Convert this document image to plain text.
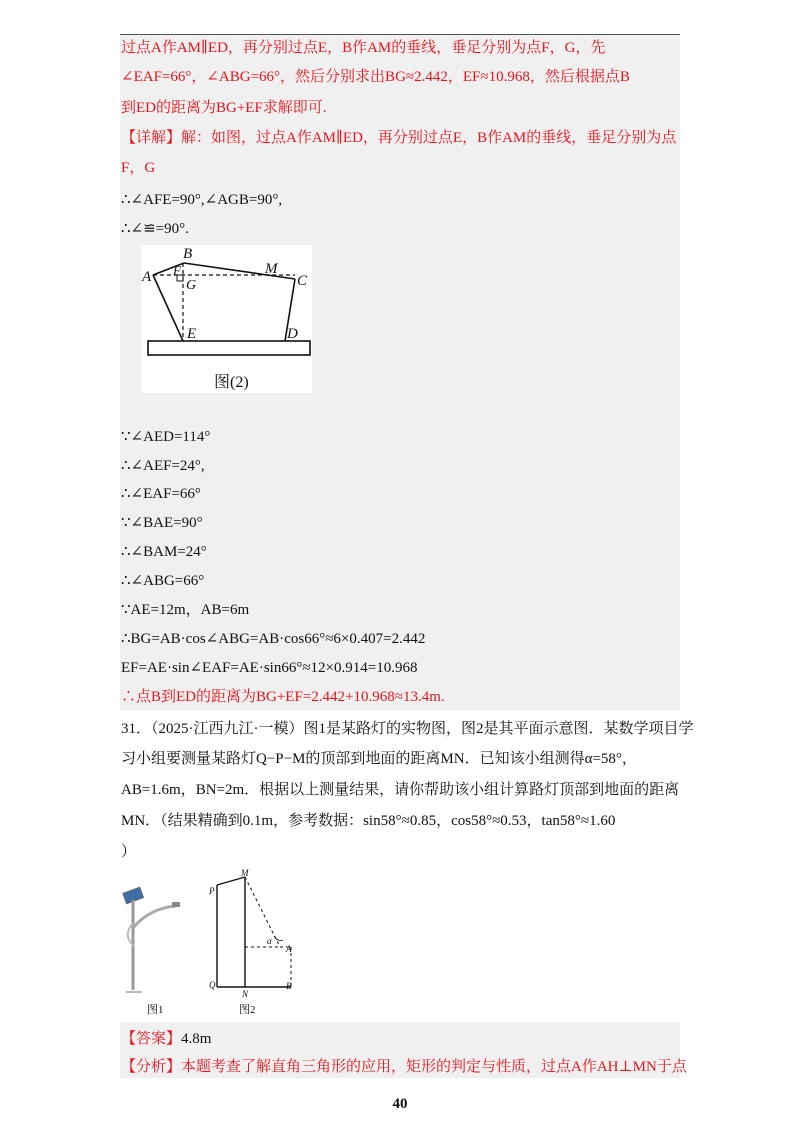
过点A作AM∥ED，再分别过点E，B作AM的垂线，垂足分别为点F，G，先
∠EAF=66°，∠ABG=66°，然后分别求出BG≈2.442，EF≈10.968，然后根据点B
到ED的距离为BG+EF求解即可.
【详解】解：如图，过点A作AM∥ED，再分别过点E，B作AM的垂线，垂足分别为点
F，G
∴∠AFE=90°,∠AGB=90°,
∴∠≌=90°.
A
B
F
G
M
C
E	D
图(2)
∵∠AED=114°
∴∠AEF=24°,
∴∠EAF=66°
∵∠BAE=90°
∴∠BAM=24°
∴∠ABG=66°
∵AE=12m，AB=6m
∴BG=AB·cos∠ABG=AB·cos66°≈6×0.407=2.442
EF=AE·sin∠EAF=AE·sin66°≈12×0.914=10.968
∴点B到ED的距离为BG+EF=2.442+10.968≈13.4m.
31．（2025·江西九江·一模）图1是某路灯的实物图，图2是其平面示意图．某数学项目学
习小组要测量某路灯Q−P−M的顶部到地面的距离MN．已知该小组测得α=58°，
AB=1.6m，BN=2m．根据以上测量结果，请你帮助该小组计算路灯顶部到地面的距离
MN．（结果精确到0.1m，参考数据：sin58°≈0.85，cos58°≈0.53，tan58°≈1.60
）
图1
P
M
Q
N
A
B
α
图2
【答案】4.8m
【分析】本题考查了解直角三角形的应用，矩形的判定与性质，过点A作AH⊥MN于点
40
